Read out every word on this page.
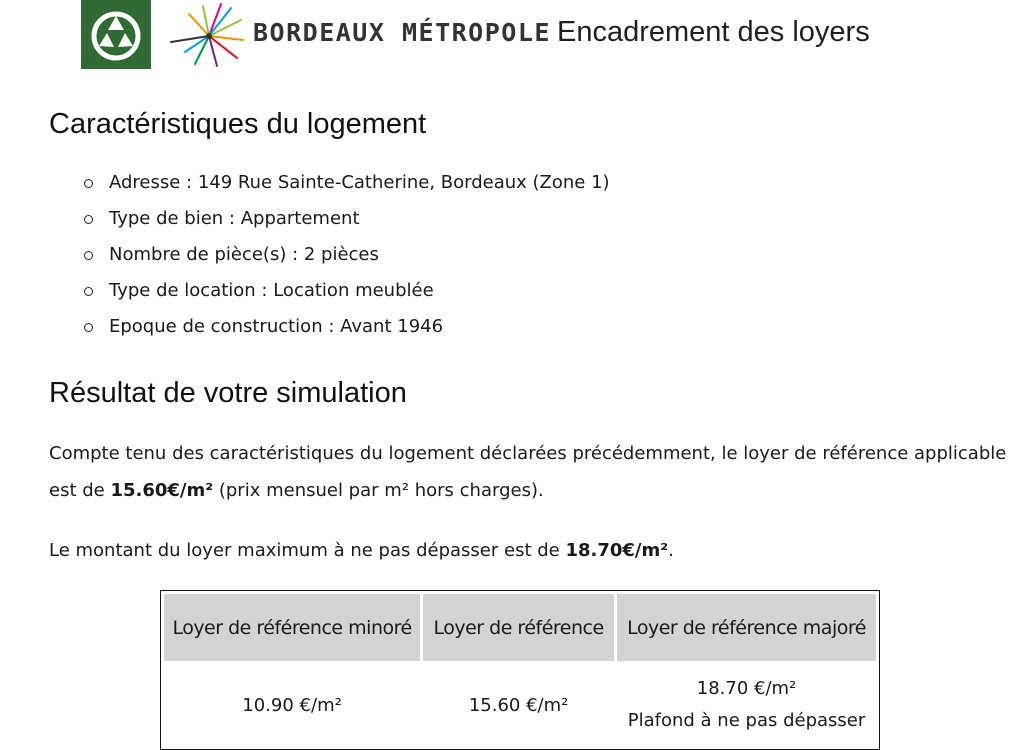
BORDEAUX MÉTROPOLE Encadrement des loyers
Caractéristiques du logement
Adresse : 149 Rue Sainte-Catherine, Bordeaux (Zone 1)
Type de bien : Appartement
Nombre de pièce(s) : 2 pièces
Type de location : Location meublée
Epoque de construction : Avant 1946
Résultat de votre simulation
Compte tenu des caractéristiques du logement déclarées précédemment, le loyer de référence applicable
est de 15.60€/m² (prix mensuel par m² hors charges).
Le montant du loyer maximum à ne pas dépasser est de 18.70€/m².
Loyer de référence minoré	Loyer de référence	Loyer de référence majoré
10.90 €/m²	15.60 €/m²	18.70 €/m²
Plafond à ne pas dépasser
